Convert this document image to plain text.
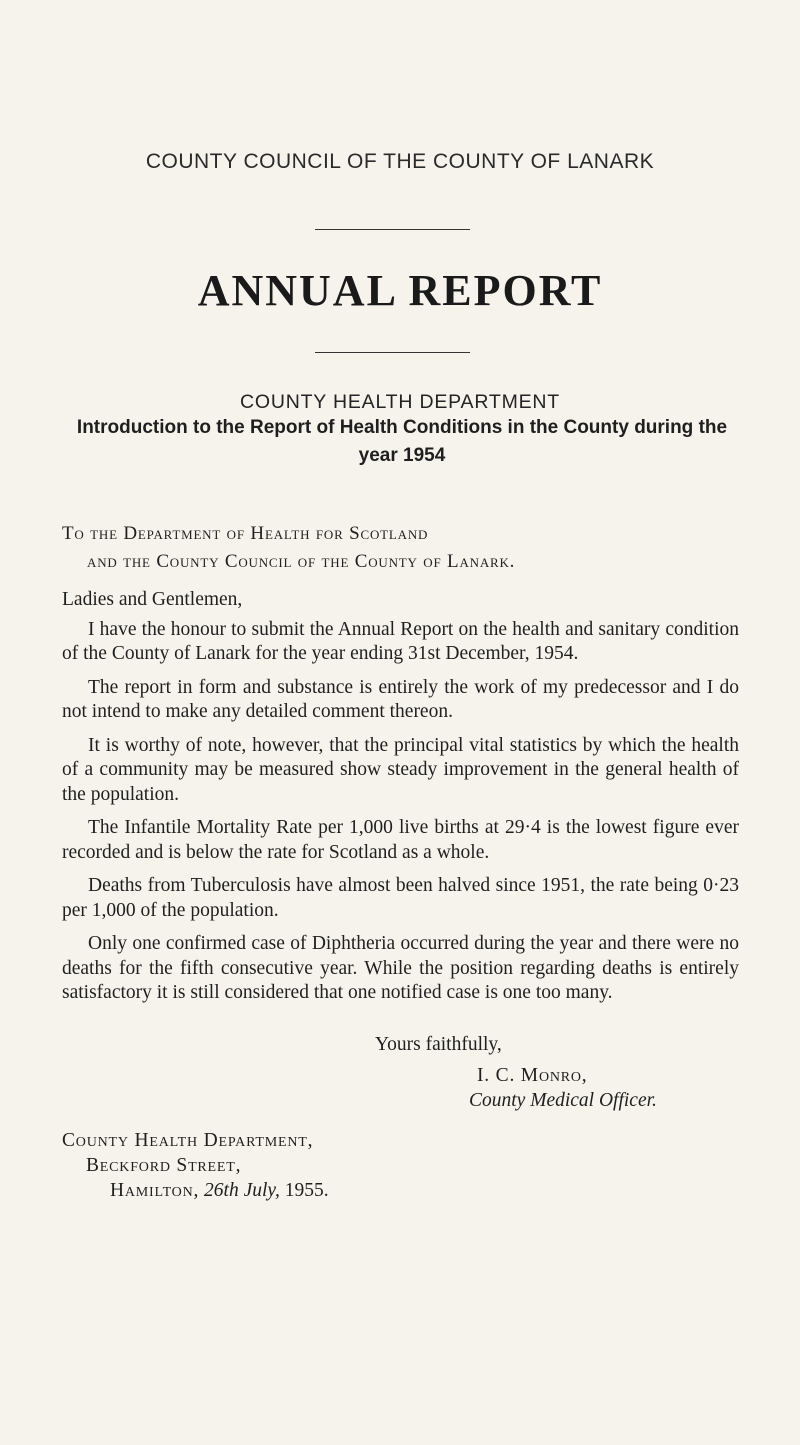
COUNTY COUNCIL OF THE COUNTY OF LANARK
ANNUAL REPORT
COUNTY HEALTH DEPARTMENT
Introduction to the Report of Health Conditions in the County during the year 1954
To the Department of Health for Scotland
and the County Council of the County of Lanark.

Ladies and Gentlemen,

I have the honour to submit the Annual Report on the health and sanitary condition of the County of Lanark for the year ending 31st December, 1954.

The report in form and substance is entirely the work of my predecessor and I do not intend to make any detailed comment thereon.

It is worthy of note, however, that the principal vital statistics by which the health of a community may be measured show steady improvement in the general health of the population.

The Infantile Mortality Rate per 1,000 live births at 29·4 is the lowest figure ever recorded and is below the rate for Scotland as a whole.

Deaths from Tuberculosis have almost been halved since 1951, the rate being 0·23 per 1,000 of the population.

Only one confirmed case of Diphtheria occurred during the year and there were no deaths for the fifth consecutive year. While the position regarding deaths is entirely satisfactory it is still considered that one notified case is one too many.

Yours faithfully,
I. C. Monro,
County Medical Officer.
County Health Department,
Beckford Street,
Hamilton, 26th July, 1955.
